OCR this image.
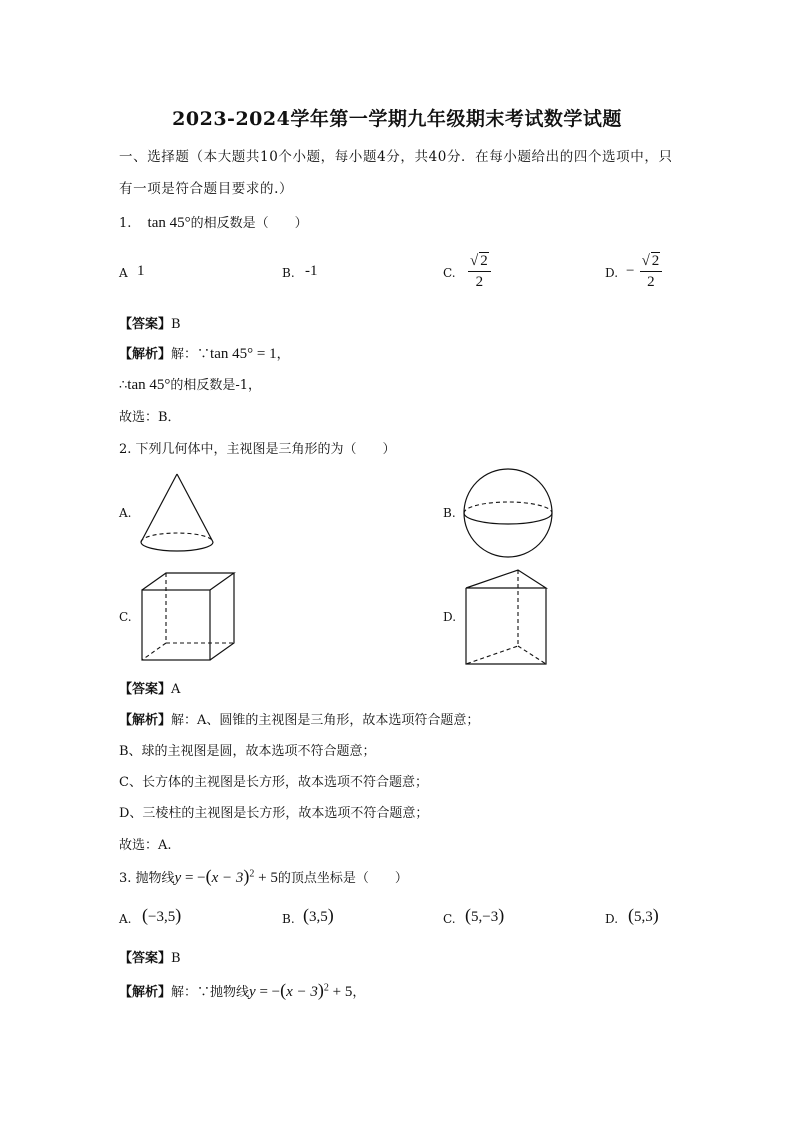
2023-2024学年第一学期九年级期末考试数学试题
一、选择题（本大题共10个小题，每小题4分，共40分．在每小题给出的四个选项中，只
有一项是符合题目要求的.）
1. tan 45°的相反数是（　　）
A 1	B. -1	C. $\frac{√ 2}{2}$	D. − $\frac{√ 2}{2}$
【答案】B
【解析】解：∵tan 45° = 1，
∴tan 45°的相反数是-1，
故选：B．
2. 下列几何体中，主视图是三角形的为（　　）
A.	B.
C.	D.
【答案】A
【解析】解：A、圆锥的主视图是三角形，故本选项符合题意；
B、球的主视图是圆，故本选项不符合题意；
C、长方体的主视图是长方形，故本选项不符合题意；
D、三棱柱的主视图是长方形，故本选项不符合题意；
故选：A.
3. 抛物线$y = -(x - 3)^2 + 5$的顶点坐标是（　　）
A. (−3,5)	B. (3,5)	C. (5,−3)	D. (5,3)
【答案】B
【解析】解：∵抛物线$y = -(x - 3)^2 + 5$，
